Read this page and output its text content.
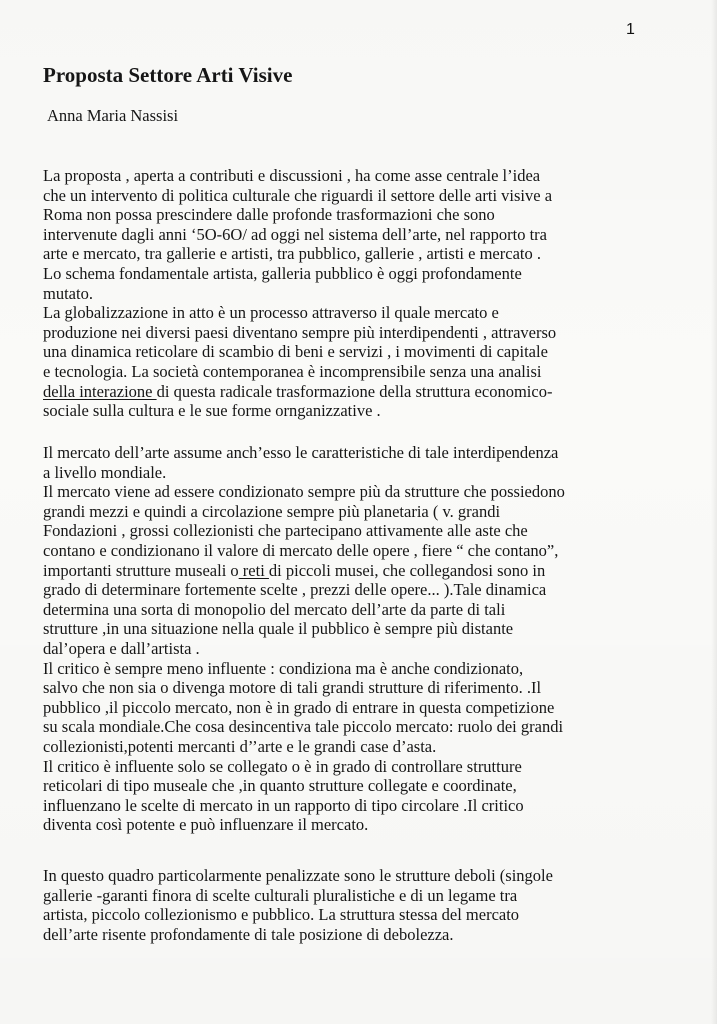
1
Proposta Settore Arti Visive
Anna Maria Nassisi
La proposta , aperta a contributi e discussioni , ha come asse centrale l’idea
che un intervento di politica culturale che riguardi il settore delle arti visive a
Roma non possa prescindere dalle profonde trasformazioni che sono
intervenute dagli anni ‘5O-6O/ ad oggi nel sistema dell’arte, nel rapporto tra
arte e mercato, tra gallerie e artisti, tra pubblico, gallerie , artisti e mercato .
Lo schema fondamentale artista, galleria pubblico è oggi profondamente
mutato.
La globalizzazione in atto è un processo attraverso il quale mercato e
produzione nei diversi paesi diventano sempre più interdipendenti , attraverso
una dinamica reticolare di scambio di beni e servizi , i movimenti di capitale
e tecnologia. La società contemporanea è incomprensibile senza una analisi
della interazione di questa radicale trasformazione della struttura economico-
sociale sulla cultura e le sue forme ornganizzative .
Il mercato dell’arte assume anch’esso le caratteristiche di tale interdipendenza
a livello mondiale.
Il mercato viene ad essere condizionato sempre più da strutture che possiedono
grandi mezzi e quindi a circolazione sempre più planetaria ( v. grandi
Fondazioni , grossi collezionisti che partecipano attivamente alle aste che
contano e condizionano il valore di mercato delle opere , fiere “ che contano”,
importanti strutture museali o reti di piccoli musei, che collegandosi sono in
grado di determinare fortemente scelte , prezzi delle opere... ).Tale dinamica
determina una sorta di monopolio del mercato dell’arte da parte di tali
strutture ,in una situazione nella quale il pubblico è sempre più distante
dal’opera e dall’artista .
Il critico è sempre meno influente : condiziona ma è anche condizionato,
salvo che non sia o divenga motore di tali grandi strutture di riferimento. .Il
pubblico ,il piccolo mercato, non è in grado di entrare in questa competizione
su scala mondiale.Che cosa desincentiva tale piccolo mercato: ruolo dei grandi
collezionisti,potenti mercanti d’’arte e le grandi case d’asta.
Il critico è influente solo se collegato o è in grado di controllare strutture
reticolari di tipo museale che ,in quanto strutture collegate e coordinate,
influenzano le scelte di mercato in un rapporto di tipo circolare .Il critico
diventa così potente e può influenzare il mercato.
In questo quadro particolarmente penalizzate sono le strutture deboli (singole
gallerie -garanti finora di scelte culturali pluralistiche e di un legame tra
artista, piccolo collezionismo e pubblico. La struttura stessa del mercato
dell’arte risente profondamente di tale posizione di debolezza.
